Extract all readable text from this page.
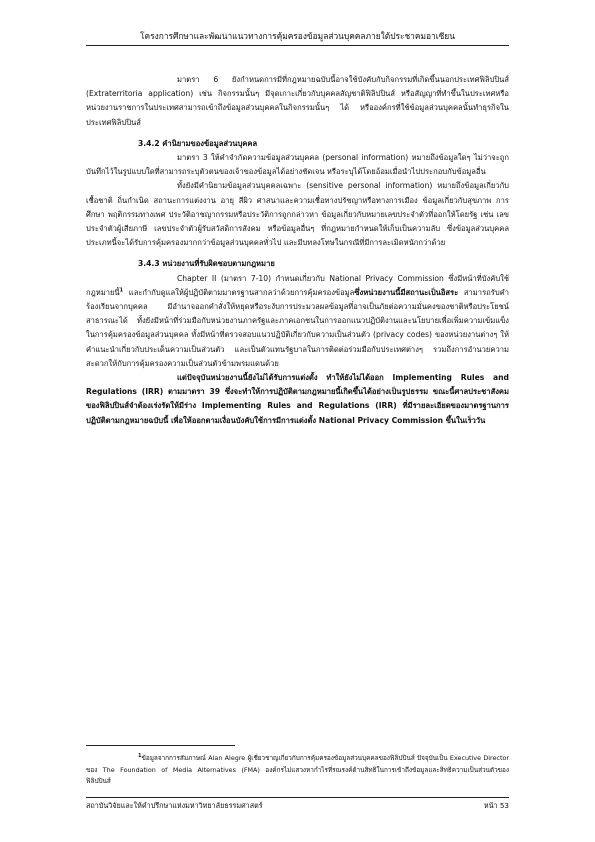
โครงการศึกษาและพัฒนาแนวทางการคุ้มครองข้อมูลส่วนบุคคลภายใต้ประชาคมอาเซียน

มาตรา 6 ยังกำหนดการมีที่กฎหมายฉบับนี้อาจใช้บังคับกับกิจกรรมที่เกิดขึ้นนอกประเทศฟิลิปปินส์ (Extraterritoria application) เช่น กิจกรรมนั้นๆ มีจุดเกาะเกี่ยวกับบุคคลสัญชาติฟิลิปปินส์ หรือสัญญาที่ทำขึ้นในประเทศหรือหน่วยงานราชการในประเทศสามารถเข้าถึงข้อมูลส่วนบุคคลในกิจกรรมนั้นๆ ได้ หรือองค์กรที่ใช้ข้อมูลส่วนบุคคลนั้นทำธุรกิจในประเทศฟิลิปปินส์

3.4.2 คำนิยามของข้อมูลส่วนบุคคล

มาตรา 3 ให้คำจำกัดความข้อมูลส่วนบุคคล (personal information) หมายถึงข้อมูลใดๆ ไม่ว่าจะถูกบันทึกไว้ในรูปแบบใดที่สามารถระบุตัวตนของเจ้าของข้อมูลได้อย่างชัดเจน หรือระบุได้โดยอ้อมเมื่อนำไปประกอบกับข้อมูลอื่น

ทั้งยังมีคำนิยามข้อมูลส่วนบุคคลเฉพาะ (sensitive personal information) หมายถึงข้อมูลเกี่ยวกับเชื้อชาติ ถิ่นกำเนิด สถานะการแต่งงาน อายุ สีผิว ศาสนาและความเชื่อทางปรัชญาหรือทางการเมือง ข้อมูลเกี่ยวกับสุขภาพ การศึกษา พฤติกรรมทางเพศ ประวัติอาชญากรรมหรือประวัติการถูกกล่าวหา ข้อมูลเกี่ยวกับหมายเลขประจำตัวที่ออกให้โดยรัฐ เช่น เลขประจำตัวผู้เสียภาษี เลขประจำตัวผู้รับสวัสดิการสังคม หรือข้อมูลอื่นๆ ที่กฎหมายกำหนดให้เก็บเป็นความลับ ซึ่งข้อมูลส่วนบุคคลประเภทนี้จะได้รับการคุ้มครองมากกว่าข้อมูลส่วนบุคคลทั่วไป และมีบทลงโทษในกรณีที่มีการละเมิดหนักกว่าด้วย

3.4.3 หน่วยงานที่รับผิดชอบตามกฎหมาย

Chapter II (มาตรา 7-10) กำหนดเกี่ยวกับ National Privacy Commission ซึ่งมีหน้าที่บังคับใช้กฎหมายนี้$^1$ และกำกับดูแลให้ผู้ปฏิบัติตามมาตรฐานสากลว่าด้วยการคุ้มครองข้อมูลซึ่งหน่วยงานนี้มีสถานะเป็นอิสระ สามารถรับคำร้องเรียนจากบุคคล มีอำนาจออกคำสั่งให้หยุดหรือระงับการประมวลผลข้อมูลที่อาจเป็นภัยต่อความมั่นคงของชาติหรือประโยชน์สาธารณะได้ ทั้งยังมีหน้าที่ร่วมมือกับหน่วยงานภาครัฐและภาคเอกชนในการออกแนวปฏิบัติงานและนโยบายเพื่อเพิ่มความเข้มแข็งในการคุ้มครองข้อมูลส่วนบุคคล ทั้งมีหน้าที่ตรวจสอบแนวปฏิบัติเกี่ยวกับความเป็นส่วนตัว (privacy codes) ของหน่วยงานต่างๆ ให้คำแนะนำเกี่ยวกับประเด็นความเป็นส่วนตัว และเป็นตัวแทนรัฐบาลในการติดต่อร่วมมือกับประเทศต่างๆ รวมถึงการอำนวยความสะดวกให้กับการคุ้มครองความเป็นส่วนตัวข้ามพรมแดนด้วย

แต่ปัจจุบันหน่วยงานนี้ยังไม่ได้รับการแต่งตั้ง ทำให้ยังไม่ได้ออก Implementing Rules and Regulations (IRR) ตามมาตรา 39 ซึ่งจะทำให้การปฏิบัติตามกฎหมายนี้เกิดขึ้นได้อย่างเป็นรูปธรรม ขณะนี้ศาลประชาสังคมของฟิลิปปินส์จำต้องเร่งรัดให้มีร่าง Implementing Rules and Regulations (IRR) ที่มีรายละเอียดของมาตรฐานการปฏิบัติตามกฎหมายฉบับนี้ เพื่อให้ออกตามเงื่อนบังคับใช้การมีการแต่งตั้ง National Privacy Commission ขึ้นในเร็ววัน

$^1$ข้อมูลจากการสัมภาษณ์ Alan Alegre ผู้เชี่ยวชาญเกี่ยวกับการคุ้มครองข้อมูลส่วนบุคคลของฟิลิปปินส์ ปัจจุบันเป็น Executive Director ของ The Foundation of Media Alternatives (FMA) องค์กรไม่แสวงหากำไรที่รณรงค์ด้านสิทธิในการเข้าถึงข้อมูลและสิทธิความเป็นส่วนตัวของฟิลิปปินส์
สถาบันวิจัยและให้คำปรึกษาแห่งมหาวิทยาลัยธรรมศาสตร์	หน้า 53
